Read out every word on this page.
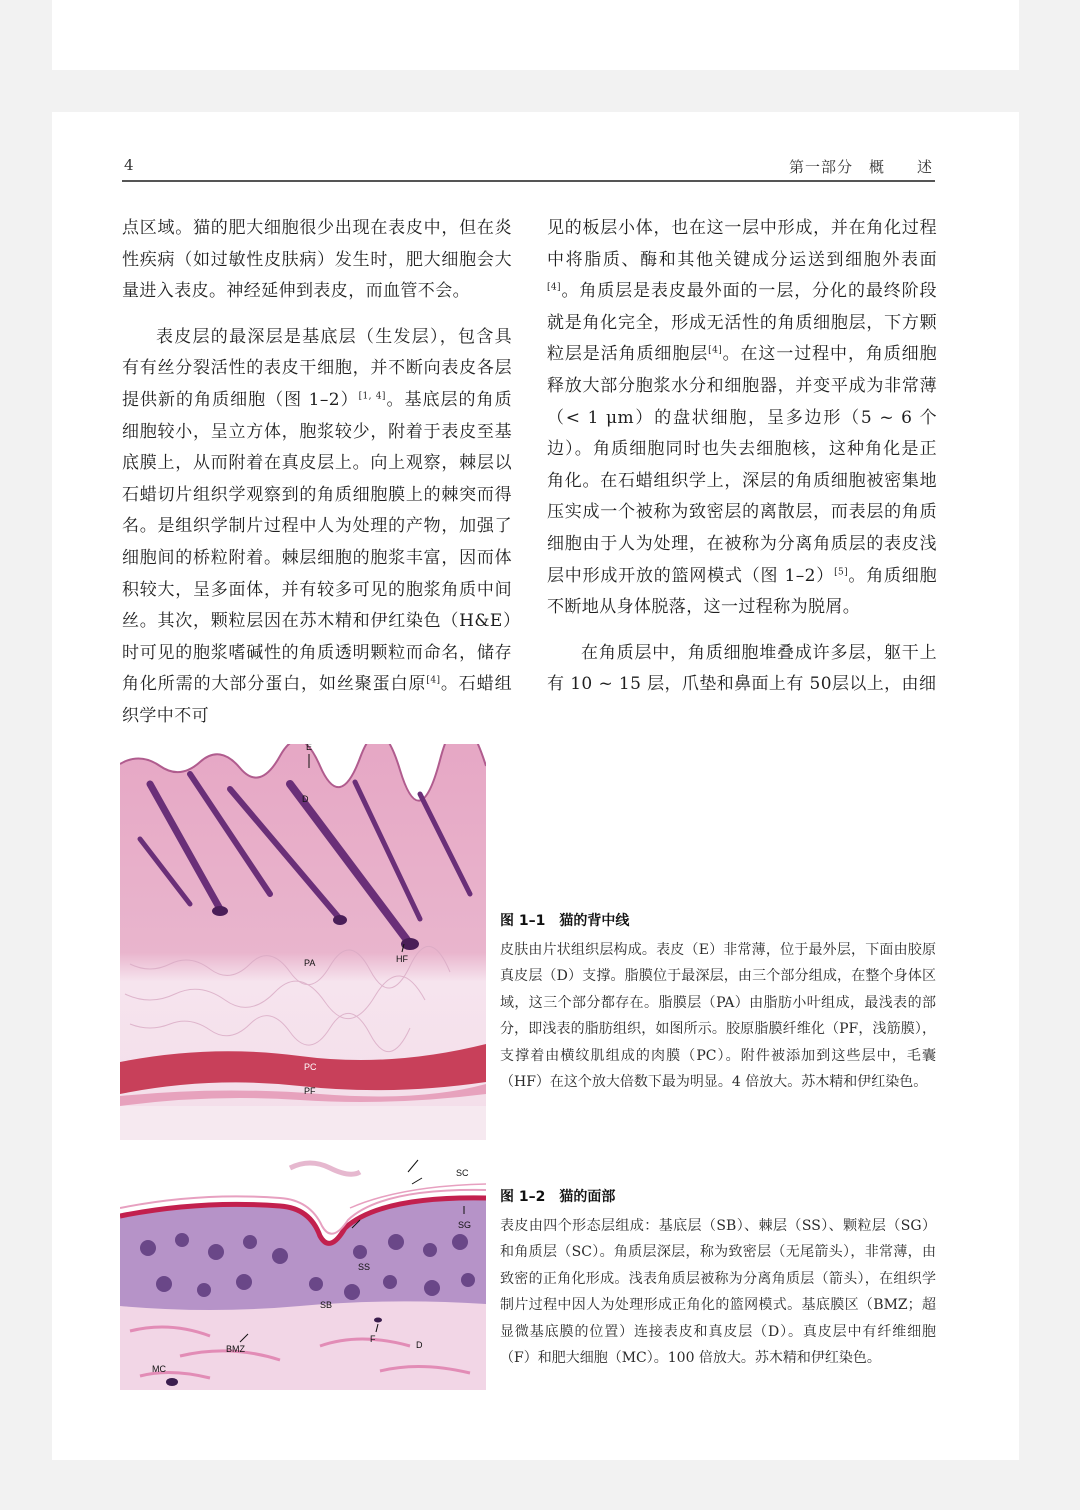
4	第一部分　概　　述

点区域。猫的肥大细胞很少出现在表皮中，但在炎性疾病（如过敏性皮肤病）发生时，肥大细胞会大量进入表皮。神经延伸到表皮，而血管不会。

表皮层的最深层是基底层（生发层），包含具有有丝分裂活性的表皮干细胞，并不断向表皮各层提供新的角质细胞（图 1–2）[1, 4]。基底层的角质细胞较小，呈立方体，胞浆较少，附着于表皮至基底膜上，从而附着在真皮层上。向上观察，棘层以石蜡切片组织学观察到的角质细胞膜上的棘突而得名。是组织学制片过程中人为处理的产物，加强了细胞间的桥粒附着。棘层细胞的胞浆丰富，因而体积较大，呈多面体，并有较多可见的胞浆角质中间丝。其次，颗粒层因在苏木精和伊红染色（H&E）时可见的胞浆嗜碱性的角质透明颗粒而命名，储存角化所需的大部分蛋白，如丝聚蛋白原[4]。石蜡组织学中不可

见的板层小体，也在这一层中形成，并在角化过程中将脂质、酶和其他关键成分运送到细胞外表面[4]。角质层是表皮最外面的一层，分化的最终阶段就是角化完全，形成无活性的角质细胞层，下方颗粒层是活角质细胞层[4]。在这一过程中，角质细胞释放大部分胞浆水分和细胞器，并变平成为非常薄（< 1 μm）的盘状细胞，呈多边形（5 ~ 6 个边）。角质细胞同时也失去细胞核，这种角化是正角化。在石蜡组织学上，深层的角质细胞被密集地压实成一个被称为致密层的离散层，而表层的角质细胞由于人为处理，在被称为分离角质层的表皮浅层中形成开放的篮网模式（图 1–2）[5]。角质细胞不断地从身体脱落，这一过程称为脱屑。

在角质层中，角质细胞堆叠成许多层，躯干上有 10 ~ 15 层，爪垫和鼻面上有 50层以上，由细

E
D
HF
PA
PC
PF
图 1–1 猫的背中线
皮肤由片状组织层构成。表皮（E）非常薄，位于最外层，下面由胶原真皮层（D）支撑。脂膜位于最深层，由三个部分组成，在整个身体区域，这三个部分都存在。脂膜层（PA）由脂肪小叶组成，最浅表的部分，即浅表的脂肪组织，如图所示。胶原脂膜纤维化（PF，浅筋膜），支撑着由横纹肌组成的肉膜（PC）。附件被添加到这些层中，毛囊（HF）在这个放大倍数下最为明显。4 倍放大。苏木精和伊红染色。
SC
SG
SS
SB
BMZ
MC
F
D
图 1–2 猫的面部
表皮由四个形态层组成：基底层（SB）、棘层（SS）、颗粒层（SG）和角质层（SC）。角质层深层，称为致密层（无尾箭头），非常薄，由致密的正角化形成。浅表角质层被称为分离角质层（箭头），在组织学制片过程中因人为处理形成正角化的篮网模式。基底膜区（BMZ；超显微基底膜的位置）连接表皮和真皮层（D）。真皮层中有纤维细胞（F）和肥大细胞（MC）。100 倍放大。苏木精和伊红染色。
